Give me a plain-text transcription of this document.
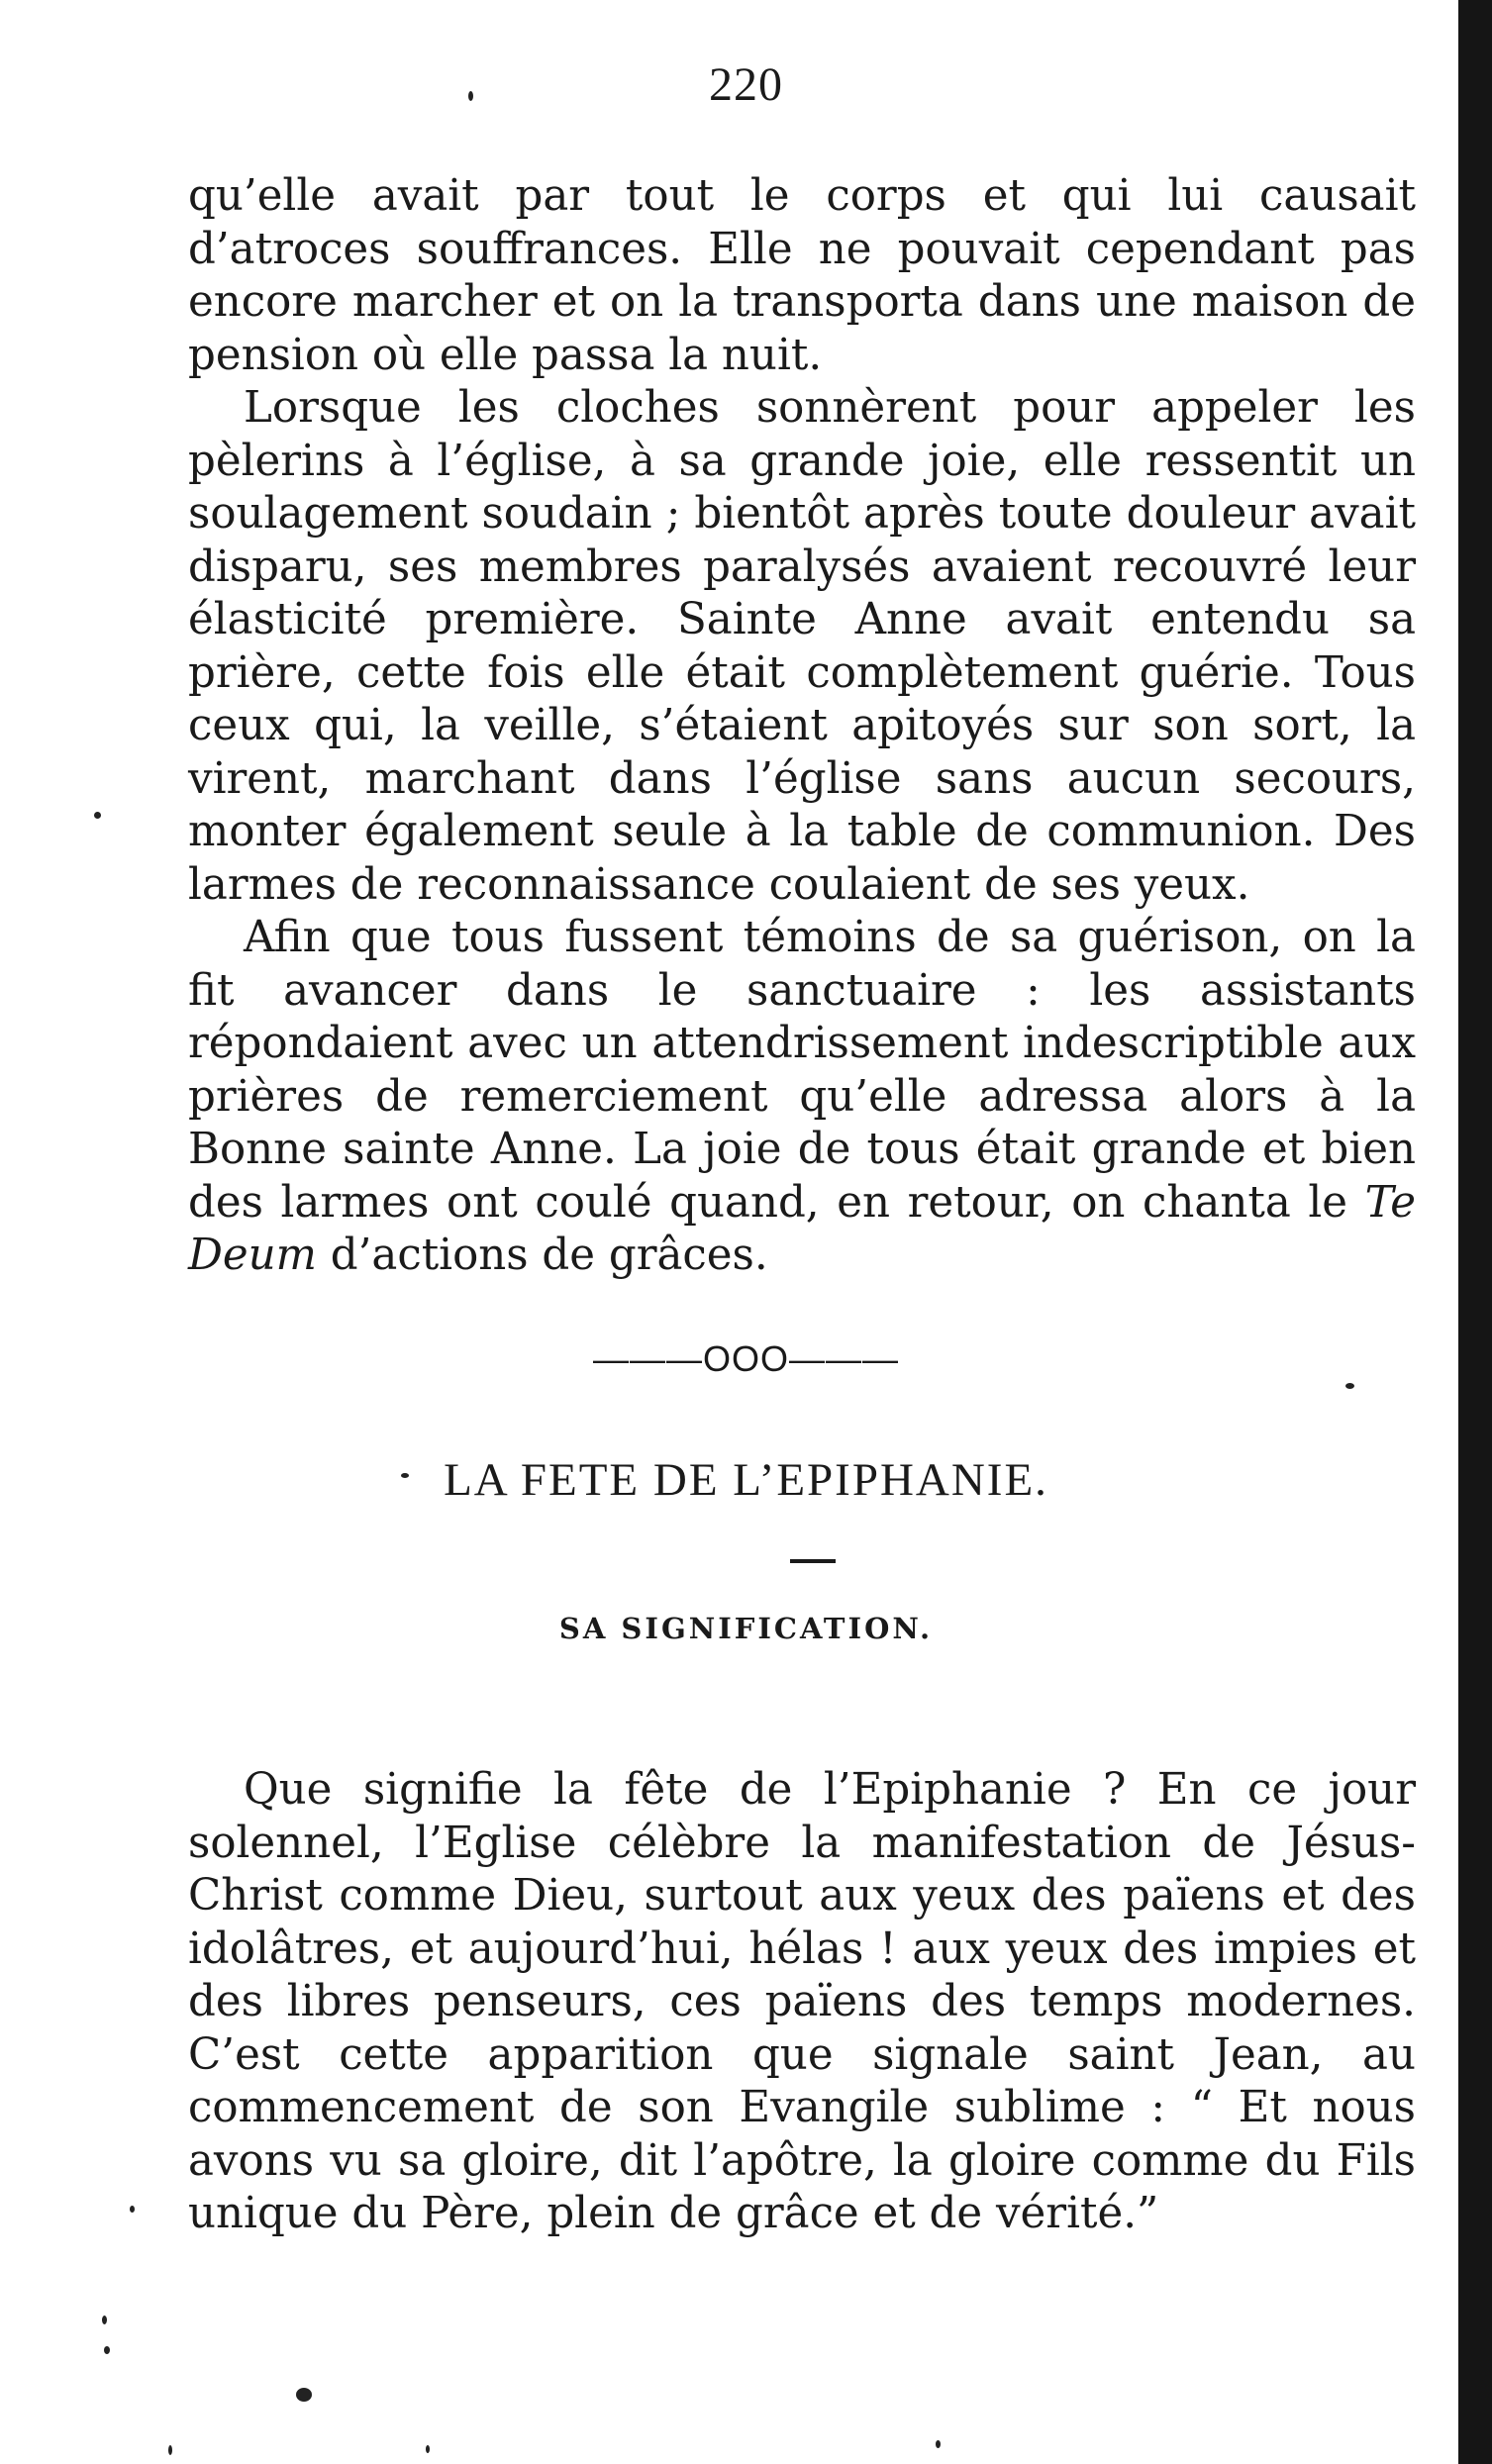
220

qu’elle avait par tout le corps et qui lui causait d’atroces souffrances. Elle ne pouvait cependant pas encore marcher et on la transporta dans une maison de pension où elle passa la nuit.

Lorsque les cloches sonnèrent pour appeler les pèlerins à l’église, à sa grande joie, elle ressentit un soulagement soudain ; bientôt après toute douleur avait disparu, ses membres paralysés avaient recouvré leur élasticité première. Sainte Anne avait entendu sa prière, cette fois elle était complètement guérie. Tous ceux qui, la veille, s’étaient apitoyés sur son sort, la virent, marchant dans l’église sans aucun secours, monter également seule à la table de communion. Des larmes de reconnaissance coulaient de ses yeux.

Afin que tous fussent témoins de sa guérison, on la fit avancer dans le sanctuaire : les assistants répondaient avec un attendrissement indescriptible aux prières de remerciement qu’elle adressa alors à la Bonne sainte Anne. La joie de tous était grande et bien des larmes ont coulé quand, en retour, on chanta le Te Deum d’actions de grâces.

———OOO———
LA FETE DE L’EPIPHANIE.
SA SIGNIFICATION.

Que signifie la fête de l’Epiphanie ? En ce jour solennel, l’Eglise célèbre la manifestation de Jésus-Christ comme Dieu, surtout aux yeux des païens et des idolâtres, et aujourd’hui, hélas ! aux yeux des impies et des libres penseurs, ces païens des temps modernes. C’est cette apparition que signale saint Jean, au commencement de son Evangile sublime : “ Et nous avons vu sa gloire, dit l’apôtre, la gloire comme du Fils unique du Père, plein de grâce et de vérité.”
